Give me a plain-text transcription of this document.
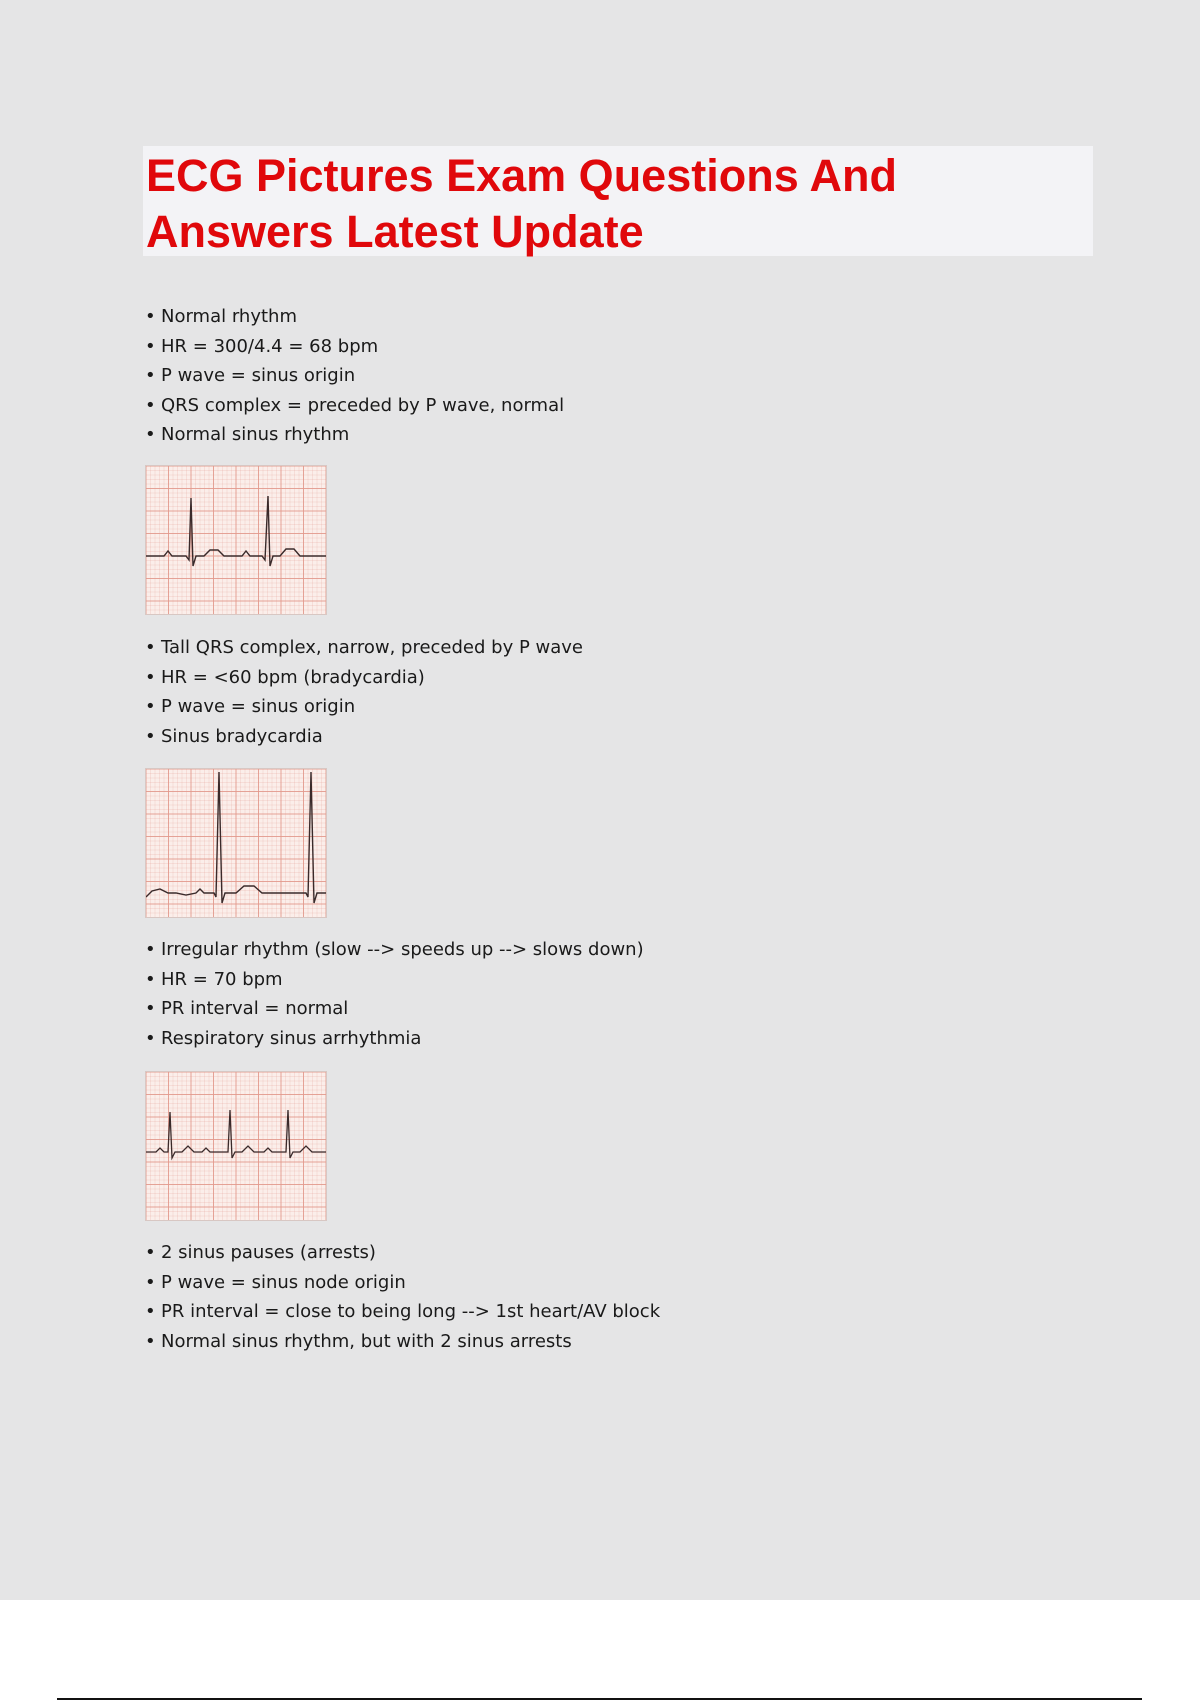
ECG Pictures Exam Questions And
Answers Latest Update
• Normal rhythm
• HR = 300/4.4 = 68 bpm
• P wave = sinus origin
• QRS complex = preceded by P wave, normal
• Normal sinus rhythm
• Tall QRS complex, narrow, preceded by P wave
• HR = <60 bpm (bradycardia)
• P wave = sinus origin
• Sinus bradycardia
• Irregular rhythm (slow --> speeds up --> slows down)
• HR = 70 bpm
• PR interval = normal
• Respiratory sinus arrhythmia
• 2 sinus pauses (arrests)
• P wave = sinus node origin
• PR interval = close to being long --> 1st heart/AV block
• Normal sinus rhythm, but with 2 sinus arrests
